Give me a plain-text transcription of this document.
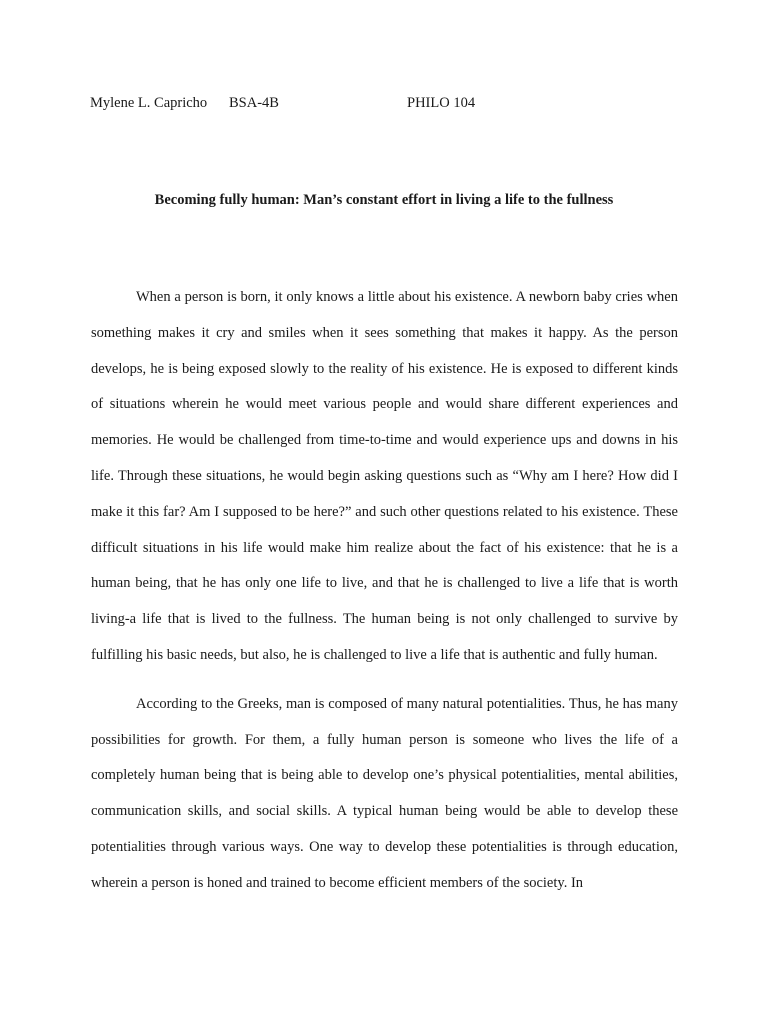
Mylene L. Capricho BSA-4B	PHILO 104
Becoming fully human: Man’s constant effort in living a life to the fullness

When a person is born, it only knows a little about his existence. A newborn baby cries when something makes it cry and smiles when it sees something that makes it happy. As the person develops, he is being exposed slowly to the reality of his existence. He is exposed to different kinds of situations wherein he would meet various people and would share different experiences and memories. He would be challenged from time-to-time and would experience ups and downs in his life. Through these situations, he would begin asking questions such as “Why am I here? How did I make it this far? Am I supposed to be here?” and such other questions related to his existence. These difficult situations in his life would make him realize about the fact of his existence: that he is a human being, that he has only one life to live, and that he is challenged to live a life that is worth living-a life that is lived to the fullness. The human being is not only challenged to survive by fulfilling his basic needs, but also, he is challenged to live a life that is authentic and fully human.

According to the Greeks, man is composed of many natural potentialities. Thus, he has many possibilities for growth. For them, a fully human person is someone who lives the life of a completely human being that is being able to develop one’s physical potentialities, mental abilities, communication skills, and social skills. A typical human being would be able to develop these potentialities through various ways. One way to develop these potentialities is through education, wherein a person is honed and trained to become efficient members of the society. In
